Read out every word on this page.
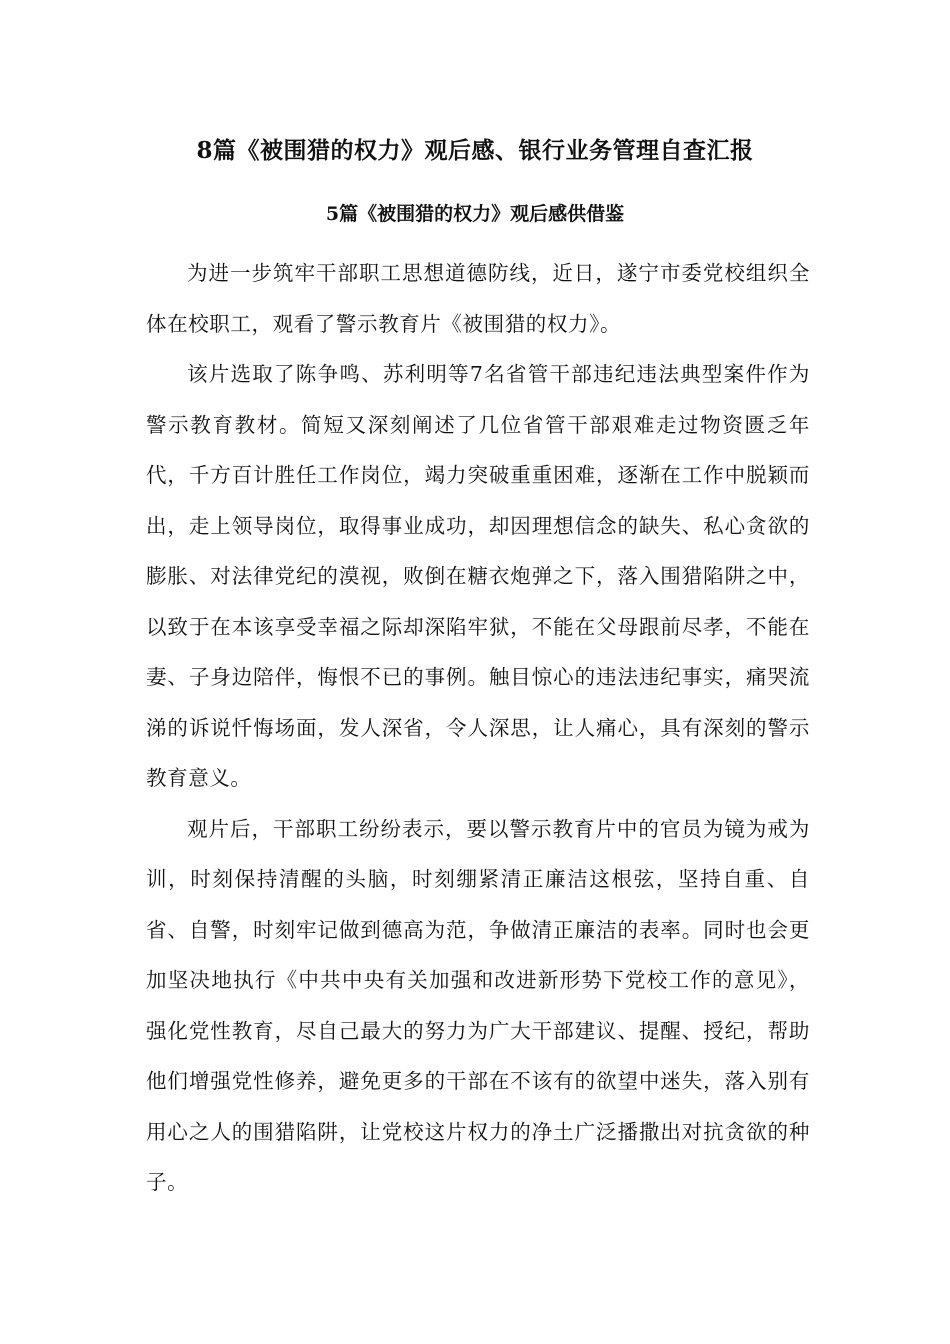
8篇《被围猎的权力》观后感、银行业务管理自查汇报
5篇《被围猎的权力》观后感供借鉴

为进一步筑牢干部职工思想道德防线，近日，遂宁市委党校组织全体在校职工，观看了警示教育片《被围猎的权力》。

该片选取了陈争鸣、苏利明等7名省管干部违纪违法典型案件作为警示教育教材。简短又深刻阐述了几位省管干部艰难走过物资匮乏年代，千方百计胜任工作岗位，竭力突破重重困难，逐渐在工作中脱颖而出，走上领导岗位，取得事业成功，却因理想信念的缺失、私心贪欲的膨胀、对法律党纪的漠视，败倒在糖衣炮弹之下，落入围猎陷阱之中，以致于在本该享受幸福之际却深陷牢狱，不能在父母跟前尽孝，不能在妻、子身边陪伴，悔恨不已的事例。触目惊心的违法违纪事实，痛哭流涕的诉说忏悔场面，发人深省，令人深思，让人痛心，具有深刻的警示教育意义。

观片后，干部职工纷纷表示，要以警示教育片中的官员为镜为戒为训，时刻保持清醒的头脑，时刻绷紧清正廉洁这根弦，坚持自重、自省、自警，时刻牢记做到德高为范，争做清正廉洁的表率。同时也会更加坚决地执行《中共中央有关加强和改进新形势下党校工作的意见》，强化党性教育，尽自己最大的努力为广大干部建议、提醒、授纪，帮助他们增强党性修养，避免更多的干部在不该有的欲望中迷失，落入别有用心之人的围猎陷阱，让党校这片权力的净土广泛播撒出对抗贪欲的种子。
